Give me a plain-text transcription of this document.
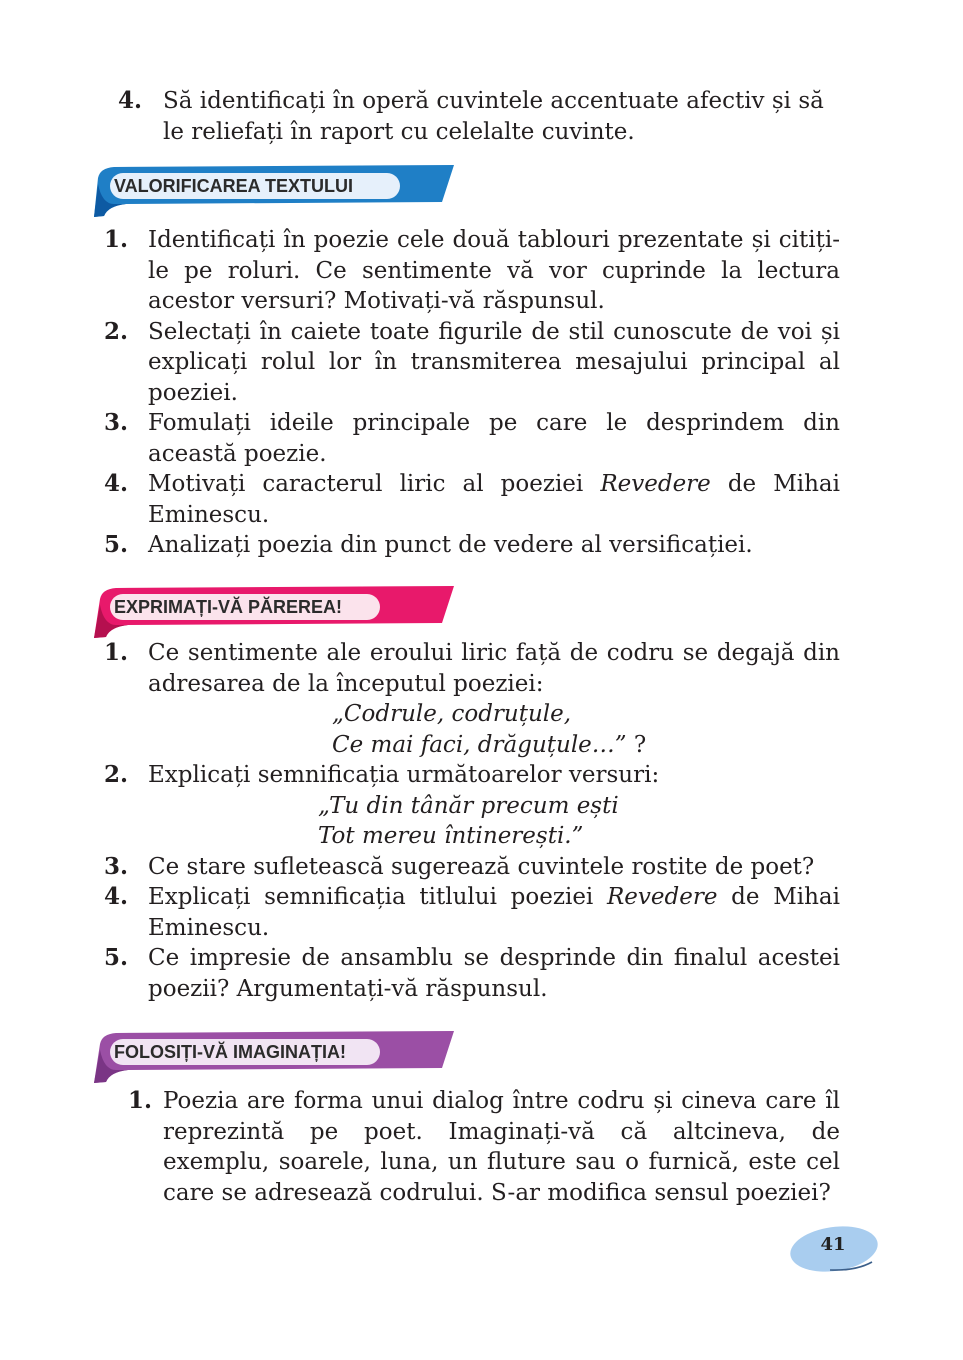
4. Să identificați în operă cuvintele accentuate afectiv și să le reliefați în raport cu celelalte cuvinte.
VALORIFICAREA TEXTULUI
1. Identificați în poezie cele două tablouri prezentate și citiți-le pe roluri. Ce sentimente vă vor cuprinde la lectura acestor versuri? Motivați-vă răspunsul.
2. Selectați în caiete toate figurile de stil cunoscute de voi și explicați rolul lor în transmiterea mesajului principal al poeziei.
3. Fomulați ideile principale pe care le desprindem din această poezie.
4. Motivați caracterul liric al poeziei Revedere de Mihai Eminescu.
5. Analizați poezia din punct de vedere al versificației.
EXPRIMAȚI-VĂ PĂREREA!
1. Ce sentimente ale eroului liric față de codru se degajă din adresarea de la începutul poeziei:
„Codrule, codruțule,
Ce mai faci, drăguțule…” ?
2. Explicați semnificația următoarelor versuri:
„Tu din tânăr precum ești
Tot mereu întinerești.”
3. Ce stare sufletească sugerează cuvintele rostite de poet?
4. Explicați semnificația titlului poeziei Revedere de Mihai Eminescu.
5. Ce impresie de ansamblu se desprinde din finalul acestei poezii? Argumentați-vă răspunsul.
FOLOSIȚI-VĂ IMAGINAȚIA!
1. Poezia are forma unui dialog între codru și cineva care îl reprezintă pe poet. Imaginați-vă că altcineva, de exemplu, soarele, luna, un fluture sau o furnică, este cel care se adresează codrului. S-ar modifica sensul poeziei?
41
